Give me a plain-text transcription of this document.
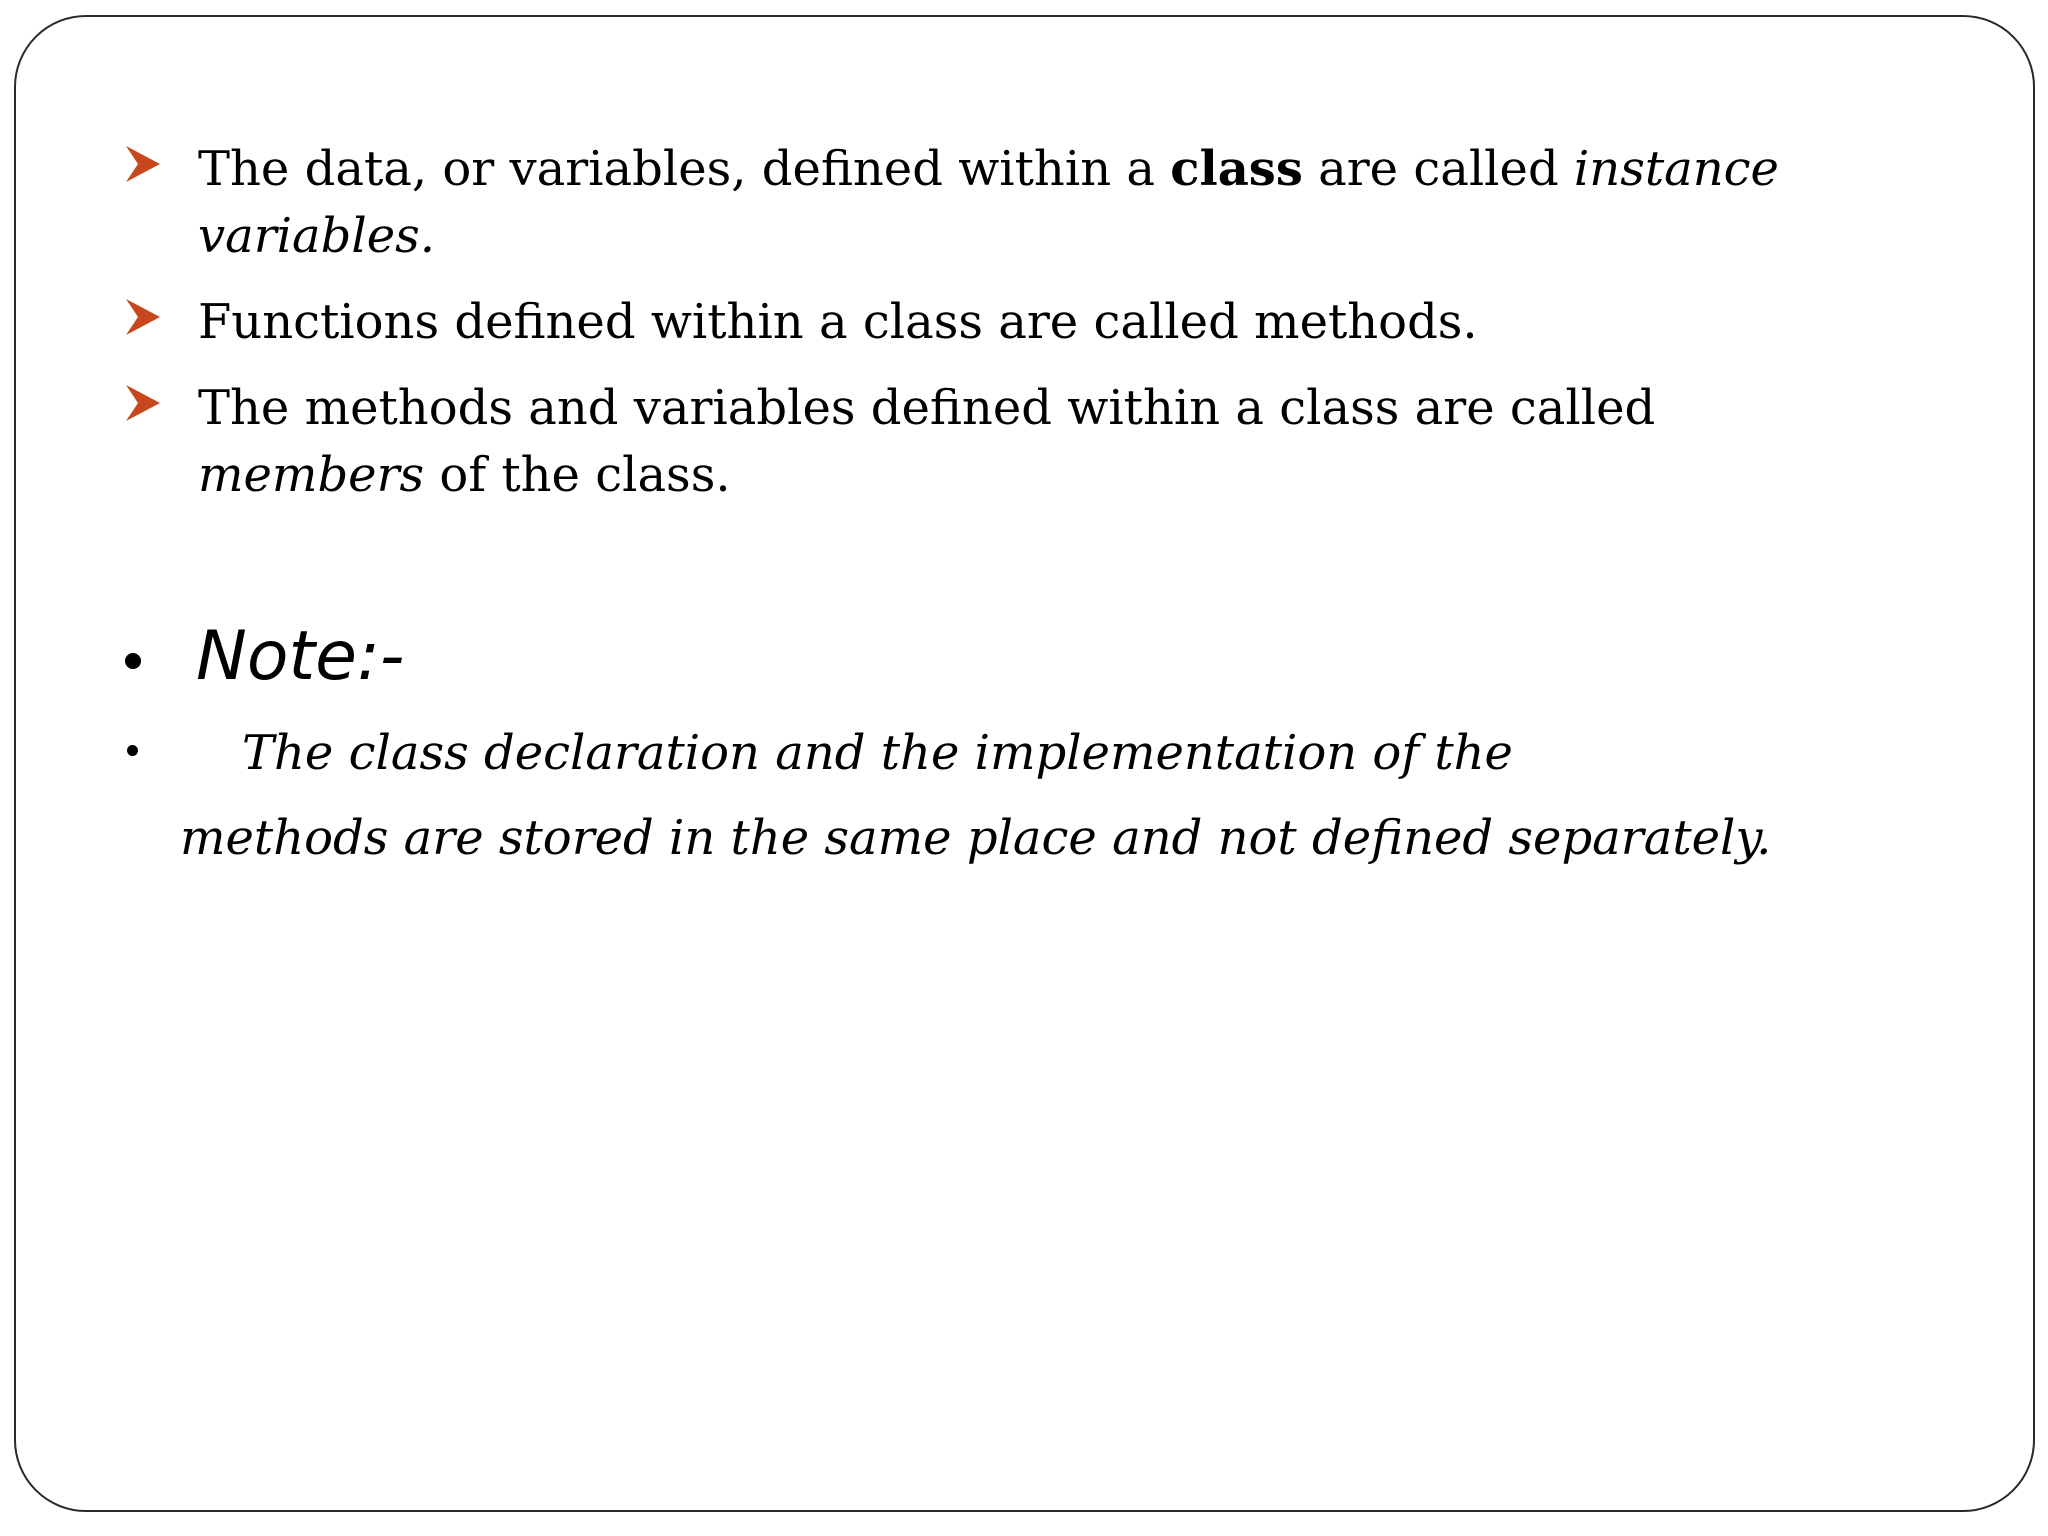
The data, or variables, defined within a class are called instance
variables.
Functions defined within a class are called methods.
The methods and variables defined within a class are called
members of the class.
Note:-
The class declaration and the implementation of the
methods are stored in the same place and not defined separately.
